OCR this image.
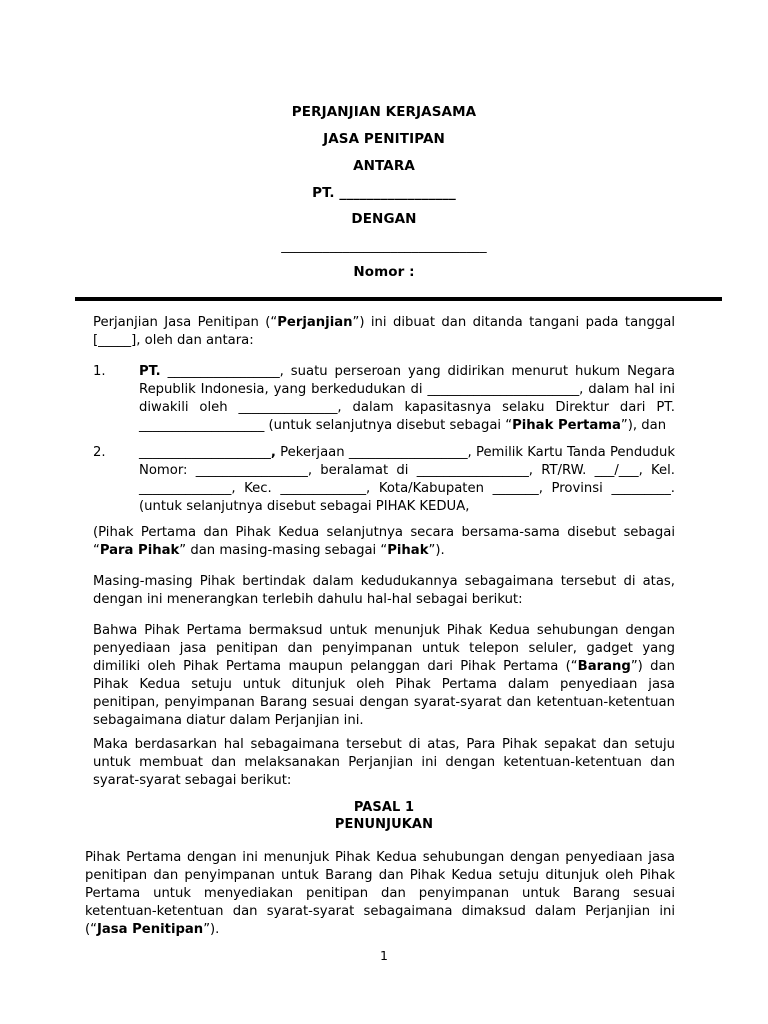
PERJANJIAN KERJASAMA
JASA PENITIPAN
ANTARA
PT. _________________
DENGAN
______________________________
Nomor :
Perjanjian Jasa Penitipan (“Perjanjian”) ini dibuat dan ditanda tangani pada tanggal [_____], oleh dan antara:
1.	PT. _________________, suatu perseroan yang didirikan menurut hukum Negara Republik Indonesia, yang berkedudukan di _______________________, dalam hal ini diwakili oleh _______________, dalam kapasitasnya selaku Direktur dari PT. ___________________ (untuk selanjutnya disebut sebagai “Pihak Pertama”), dan
2.	____________________, Pekerjaan __________________, Pemilik Kartu Tanda Penduduk Nomor: _________________, beralamat di _________________, RT/RW. ___/___, Kel. ______________, Kec. _____________, Kota/Kabupaten _______, Provinsi _________. (untuk selanjutnya disebut sebagai PIHAK KEDUA,
(Pihak Pertama dan Pihak Kedua selanjutnya secara bersama-sama disebut sebagai “Para Pihak” dan masing-masing sebagai “Pihak”).
Masing-masing Pihak bertindak dalam kedudukannya sebagaimana tersebut di atas, dengan ini menerangkan terlebih dahulu hal-hal sebagai berikut:
Bahwa Pihak Pertama bermaksud untuk menunjuk Pihak Kedua sehubungan dengan penyediaan jasa penitipan dan penyimpanan untuk telepon seluler, gadget yang dimiliki oleh Pihak Pertama maupun pelanggan dari Pihak Pertama (“Barang”) dan Pihak Kedua setuju untuk ditunjuk oleh Pihak Pertama dalam penyediaan jasa penitipan, penyimpanan Barang sesuai dengan syarat-syarat dan ketentuan-ketentuan sebagaimana diatur dalam Perjanjian ini.
Maka berdasarkan hal sebagaimana tersebut di atas, Para Pihak sepakat dan setuju untuk membuat dan melaksanakan Perjanjian ini dengan ketentuan-ketentuan dan syarat-syarat sebagai berikut:
PASAL 1
PENUNJUKAN
Pihak Pertama dengan ini menunjuk Pihak Kedua sehubungan dengan penyediaan jasa penitipan dan penyimpanan untuk Barang dan Pihak Kedua setuju ditunjuk oleh Pihak Pertama untuk menyediakan penitipan dan penyimpanan untuk Barang sesuai ketentuan-ketentuan dan syarat-syarat sebagaimana dimaksud dalam Perjanjian ini (“Jasa Penitipan”).
1
